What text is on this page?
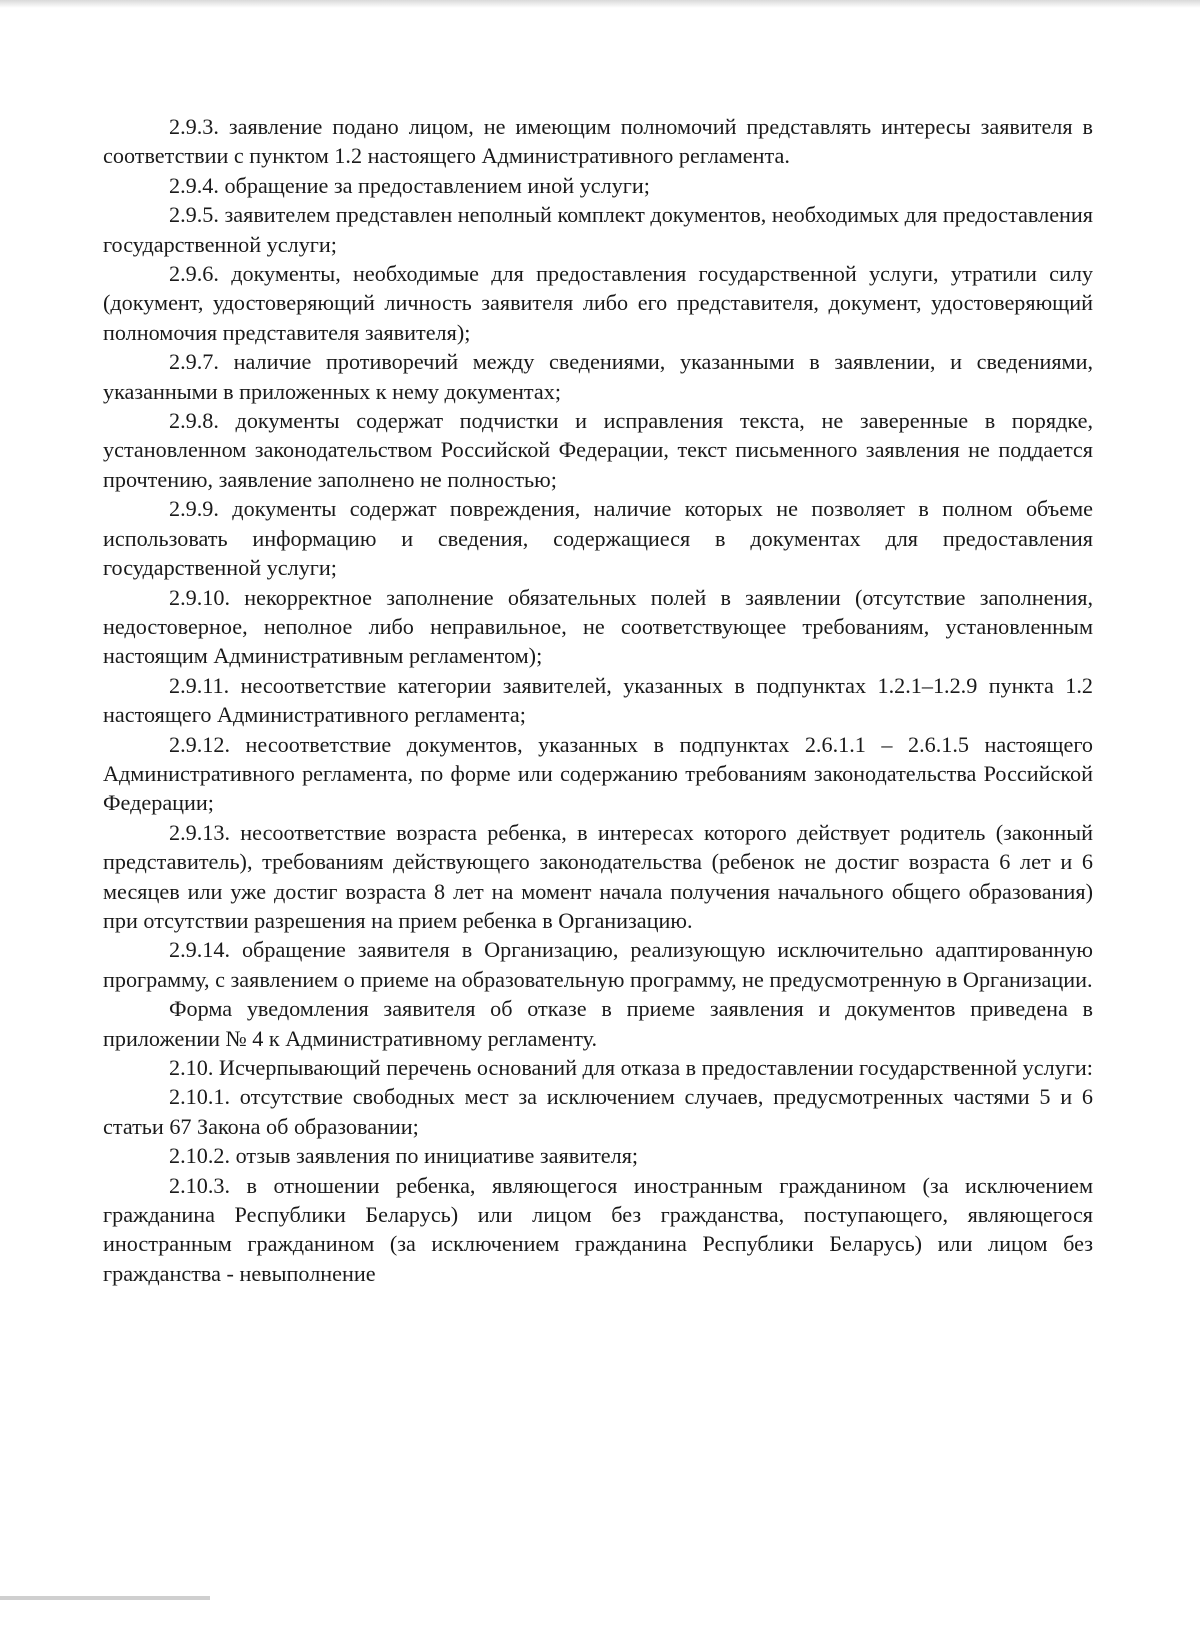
2.9.3. заявление подано лицом, не имеющим полномочий представлять интересы заявителя в соответствии с пунктом 1.2 настоящего Административного регламента.

2.9.4. обращение за предоставлением иной услуги;

2.9.5. заявителем представлен неполный комплект документов, необходимых для предоставления государственной услуги;

2.9.6. документы, необходимые для предоставления государственной услуги, утратили силу (документ, удостоверяющий личность заявителя либо его представителя, документ, удостоверяющий полномочия представителя заявителя);

2.9.7. наличие противоречий между сведениями, указанными в заявлении, и сведениями, указанными в приложенных к нему документах;

2.9.8. документы содержат подчистки и исправления текста, не заверенные в порядке, установленном законодательством Российской Федерации, текст письменного заявления не поддается прочтению, заявление заполнено не полностью;

2.9.9. документы содержат повреждения, наличие которых не позволяет в полном объеме использовать информацию и сведения, содержащиеся в документах для предоставления государственной услуги;

2.9.10. некорректное заполнение обязательных полей в заявлении (отсутствие заполнения, недостоверное, неполное либо неправильное, не соответствующее требованиям, установленным настоящим Административным регламентом);

2.9.11. несоответствие категории заявителей, указанных в подпунктах 1.2.1–1.2.9 пункта 1.2 настоящего Административного регламента;

2.9.12. несоответствие документов, указанных в подпунктах 2.6.1.1 – 2.6.1.5 настоящего Административного регламента, по форме или содержанию требованиям законодательства Российской Федерации;

2.9.13. несоответствие возраста ребенка, в интересах которого действует родитель (законный представитель), требованиям действующего законодательства (ребенок не достиг возраста 6 лет и 6 месяцев или уже достиг возраста 8 лет на момент начала получения начального общего образования) при отсутствии разрешения на прием ребенка в Организацию.

2.9.14. обращение заявителя в Организацию, реализующую исключительно адаптированную программу, с заявлением о приеме на образовательную программу, не предусмотренную в Организации.

Форма уведомления заявителя об отказе в приеме заявления и документов приведена в приложении № 4 к Административному регламенту.

2.10. Исчерпывающий перечень оснований для отказа в предоставлении государственной услуги:

2.10.1. отсутствие свободных мест за исключением случаев, предусмотренных частями 5 и 6 статьи 67 Закона об образовании;

2.10.2. отзыв заявления по инициативе заявителя;

2.10.3. в отношении ребенка, являющегося иностранным гражданином (за исключением гражданина Республики Беларусь) или лицом без гражданства, поступающего, являющегося иностранным гражданином (за исключением гражданина Республики Беларусь) или лицом без гражданства - невыполнение
